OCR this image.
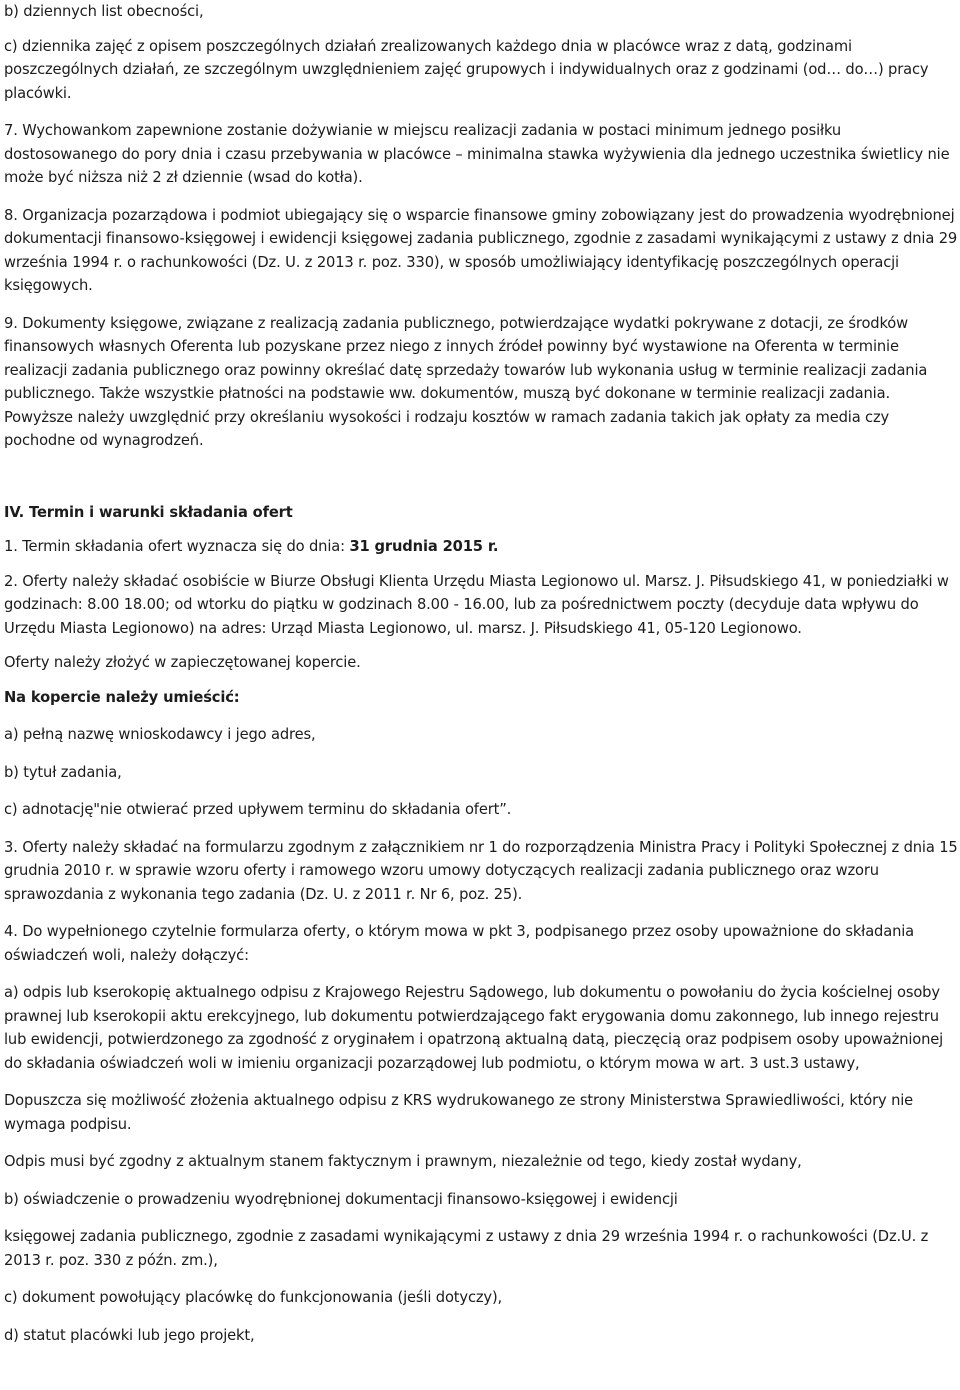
b) dziennych list obecności,

c) dziennika zajęć z opisem poszczególnych działań zrealizowanych każdego dnia w placówce wraz z datą, godzinami poszczególnych działań, ze szczególnym uwzględnieniem zajęć grupowych i indywidualnych oraz z godzinami (od… do…) pracy placówki.

7. Wychowankom zapewnione zostanie dożywianie w miejscu realizacji zadania w postaci minimum jednego posiłku dostosowanego do pory dnia i czasu przebywania w placówce – minimalna stawka wyżywienia dla jednego uczestnika świetlicy nie może być niższa niż 2 zł dziennie (wsad do kotła).

8. Organizacja pozarządowa i podmiot ubiegający się o wsparcie finansowe gminy zobowiązany jest do prowadzenia wyodrębnionej dokumentacji finansowo-księgowej i ewidencji księgowej zadania publicznego, zgodnie z zasadami wynikającymi z ustawy z dnia 29 września 1994 r. o rachunkowości (Dz. U. z 2013 r. poz. 330), w sposób umożliwiający identyfikację poszczególnych operacji księgowych.

9. Dokumenty księgowe, związane z realizacją zadania publicznego, potwierdzające wydatki pokrywane z dotacji, ze środków finansowych własnych Oferenta lub pozyskane przez niego z innych źródeł powinny być wystawione na Oferenta w terminie realizacji zadania publicznego oraz powinny określać datę sprzedaży towarów lub wykonania usług w terminie realizacji zadania publicznego. Także wszystkie płatności na podstawie ww. dokumentów, muszą być dokonane w terminie realizacji zadania. Powyższe należy uwzględnić przy określaniu wysokości i rodzaju kosztów w ramach zadania takich jak opłaty za media czy pochodne od wynagrodzeń.

IV. Termin i warunki składania ofert

1. Termin składania ofert wyznacza się do dnia: 31 grudnia 2015 r.

2. Oferty należy składać osobiście w Biurze Obsługi Klienta Urzędu Miasta Legionowo ul. Marsz. J. Piłsudskiego 41, w poniedziałki w godzinach: 8.00 18.00; od wtorku do piątku w godzinach 8.00 - 16.00, lub za pośrednictwem poczty (decyduje data wpływu do Urzędu Miasta Legionowo) na adres: Urząd Miasta Legionowo, ul. marsz. J. Piłsudskiego 41, 05-120 Legionowo.

Oferty należy złożyć w zapieczętowanej kopercie.

Na kopercie należy umieścić:

a) pełną nazwę wnioskodawcy i jego adres,

b) tytuł zadania,

c) adnotację"nie otwierać przed upływem terminu do składania ofert”.

3. Oferty należy składać na formularzu zgodnym z załącznikiem nr 1 do rozporządzenia Ministra Pracy i Polityki Społecznej z dnia 15 grudnia 2010 r. w sprawie wzoru oferty i ramowego wzoru umowy dotyczących realizacji zadania publicznego oraz wzoru sprawozdania z wykonania tego zadania (Dz. U. z 2011 r. Nr 6, poz. 25).

4. Do wypełnionego czytelnie formularza oferty, o którym mowa w pkt 3, podpisanego przez osoby upoważnione do składania oświadczeń woli, należy dołączyć:

a) odpis lub kserokopię aktualnego odpisu z Krajowego Rejestru Sądowego, lub dokumentu o powołaniu do życia kościelnej osoby prawnej lub kserokopii aktu erekcyjnego, lub dokumentu potwierdzającego fakt erygowania domu zakonnego, lub innego rejestru lub ewidencji, potwierdzonego za zgodność z oryginałem i opatrzoną aktualną datą, pieczęcią oraz podpisem osoby upoważnionej do składania oświadczeń woli w imieniu organizacji pozarządowej lub podmiotu, o którym mowa w art. 3 ust.3 ustawy,

Dopuszcza się możliwość złożenia aktualnego odpisu z KRS wydrukowanego ze strony Ministerstwa Sprawiedliwości, który nie wymaga podpisu.

Odpis musi być zgodny z aktualnym stanem faktycznym i prawnym, niezależnie od tego, kiedy został wydany,

b) oświadczenie o prowadzeniu wyodrębnionej dokumentacji finansowo-księgowej i ewidencji

księgowej zadania publicznego, zgodnie z zasadami wynikającymi z ustawy z dnia 29 września 1994 r. o rachunkowości (Dz.U. z 2013 r. poz. 330 z późn. zm.),

c) dokument powołujący placówkę do funkcjonowania (jeśli dotyczy),

d) statut placówki lub jego projekt,
